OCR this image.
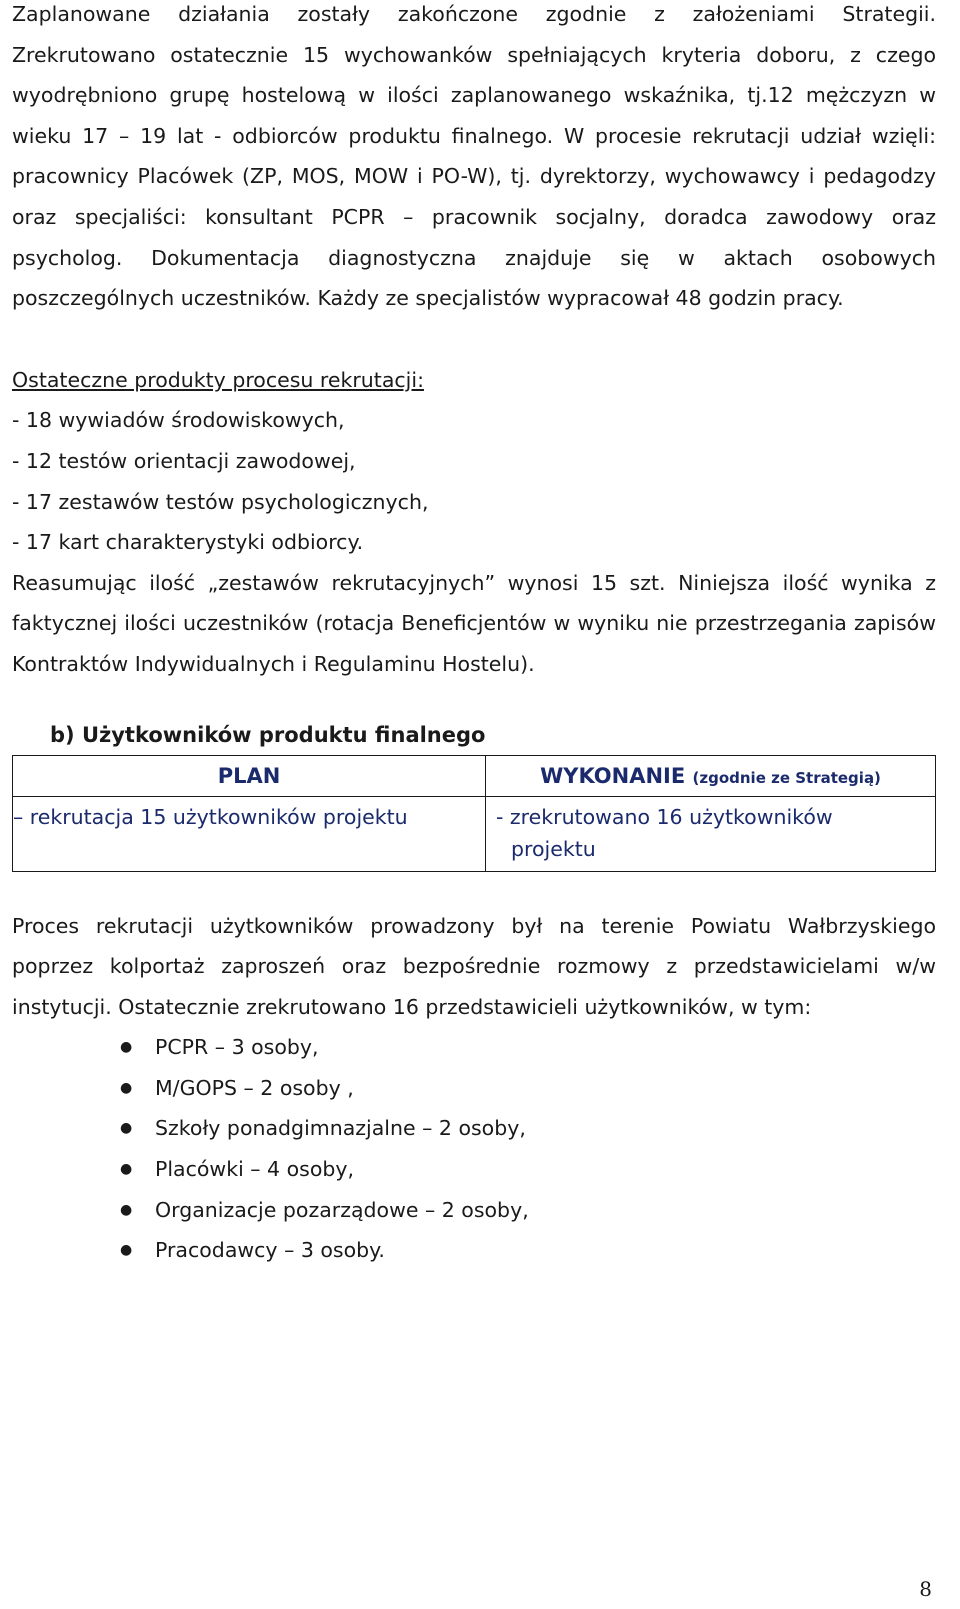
Zaplanowane działania zostały zakończone zgodnie z założeniami Strategii. Zrekrutowano ostatecznie 15 wychowanków spełniających kryteria doboru, z czego wyodrębniono grupę hostelową w ilości zaplanowanego wskaźnika, tj.12 mężczyzn w wieku 17 – 19 lat - odbiorców produktu finalnego. W procesie rekrutacji udział wzięli: pracownicy Placówek (ZP, MOS, MOW i PO-W), tj. dyrektorzy, wychowawcy i pedagodzy oraz specjaliści: konsultant PCPR – pracownik socjalny, doradca zawodowy oraz psycholog. Dokumentacja diagnostyczna znajduje się w aktach osobowych poszczególnych uczestników. Każdy ze specjalistów wypracował 48 godzin pracy.

Ostateczne produkty procesu rekrutacji:

- 18 wywiadów środowiskowych,

- 12 testów orientacji zawodowej,

- 17 zestawów testów psychologicznych,

- 17 kart charakterystyki odbiorcy.

Reasumując ilość „zestawów rekrutacyjnych” wynosi 15 szt. Niniejsza ilość wynika z faktycznej ilości uczestników (rotacja Beneficjentów w wyniku nie przestrzegania zapisów Kontraktów Indywidualnych i Regulaminu Hostelu).

b) Użytkowników produktu finalnego

PLAN	WYKONANIE (zgodnie ze Strategią)

– rekrutacja 15 użytkowników projektu	- zrekrutowano 16 użytkowników
projektu

Proces rekrutacji użytkowników prowadzony był na terenie Powiatu Wałbrzyskiego poprzez kolportaż zaproszeń oraz bezpośrednie rozmowy z przedstawicielami w/w instytucji. Ostatecznie zrekrutowano 16 przedstawicieli użytkowników, w tym:

● PCPR – 3 osoby,
● M/GOPS – 2 osoby ,
● Szkoły ponadgimnazjalne – 2 osoby,
● Placówki – 4 osoby,
● Organizacje pozarządowe – 2 osoby,
● Pracodawcy – 3 osoby.
8
